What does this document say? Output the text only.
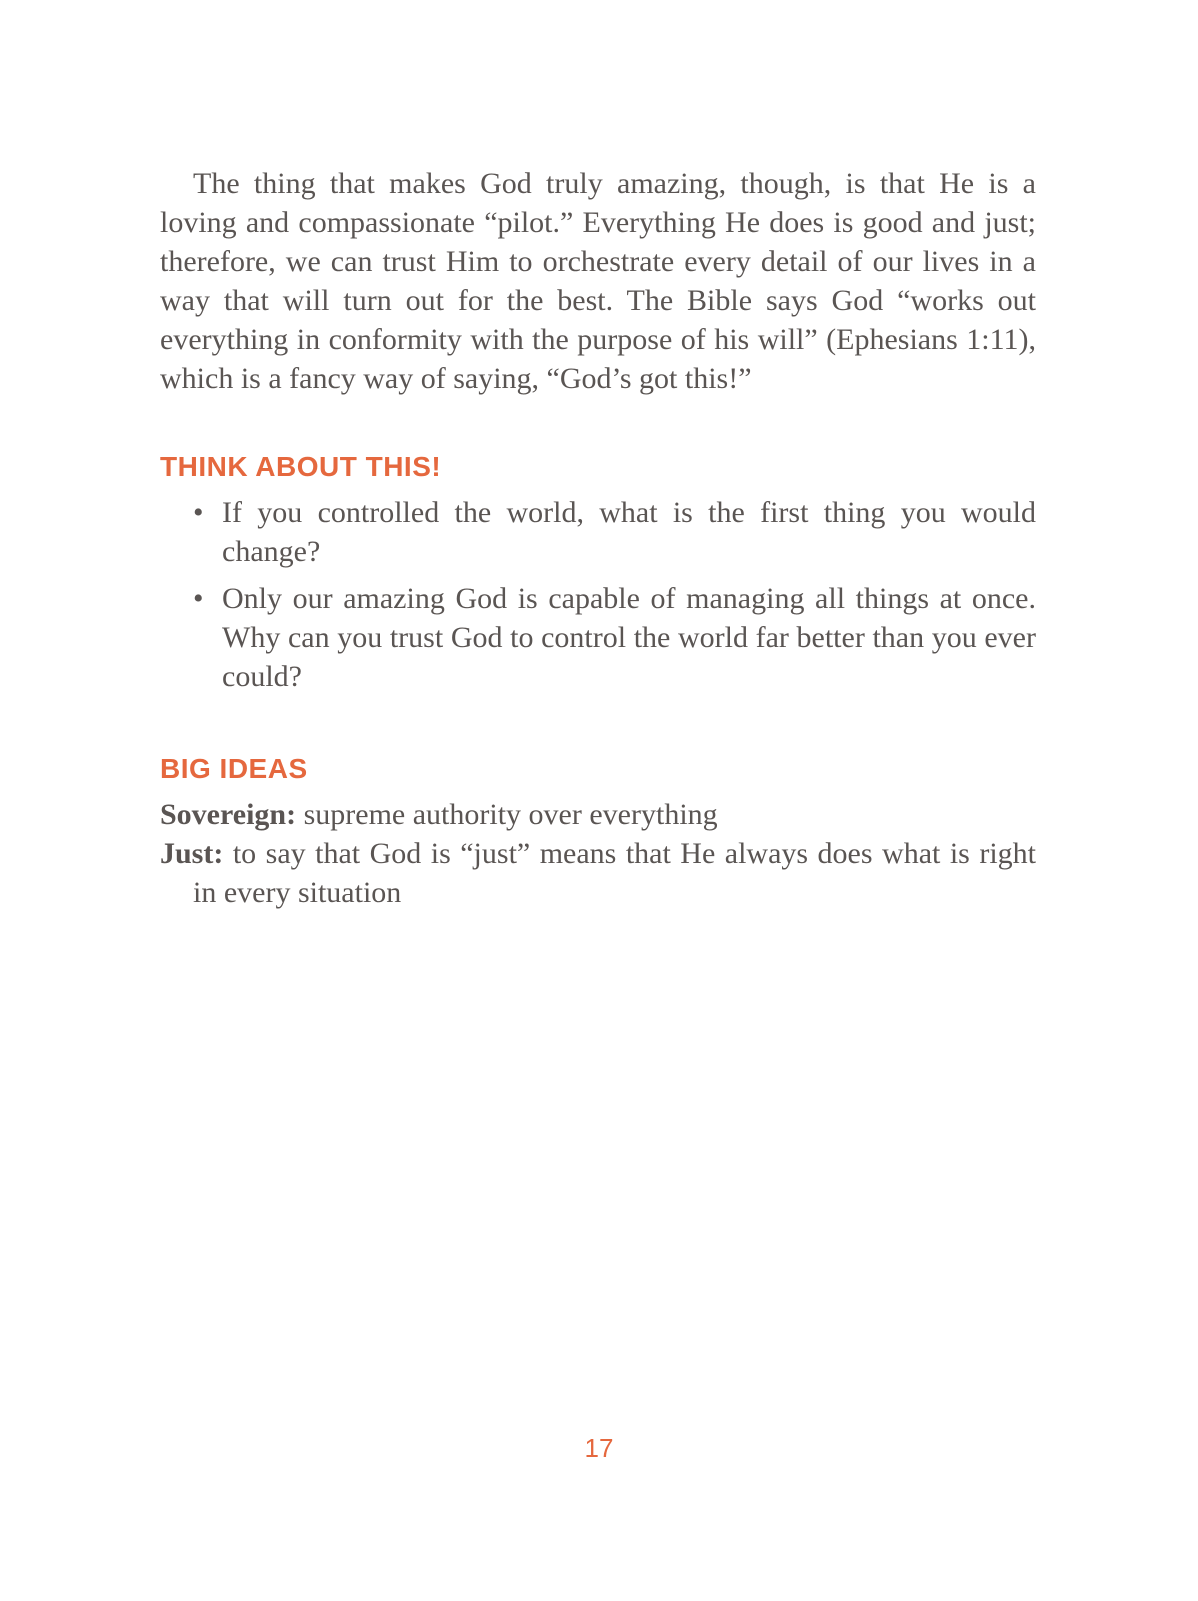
The thing that makes God truly amazing, though, is that He is a loving and compassionate “pilot.” Everything He does is good and just; therefore, we can trust Him to orchestrate every detail of our lives in a way that will turn out for the best. The Bible says God “works out everything in conformity with the purpose of his will” (Ephesians 1:11), which is a fancy way of saying, “God’s got this!”

THINK ABOUT THIS!
• If you controlled the world, what is the first thing you would change?
• Only our amazing God is capable of managing all things at once. Why can you trust God to control the world far better than you ever could?
BIG IDEAS

Sovereign: supreme authority over everything

Just: to say that God is “just” means that He always does what is right in every situation

17
